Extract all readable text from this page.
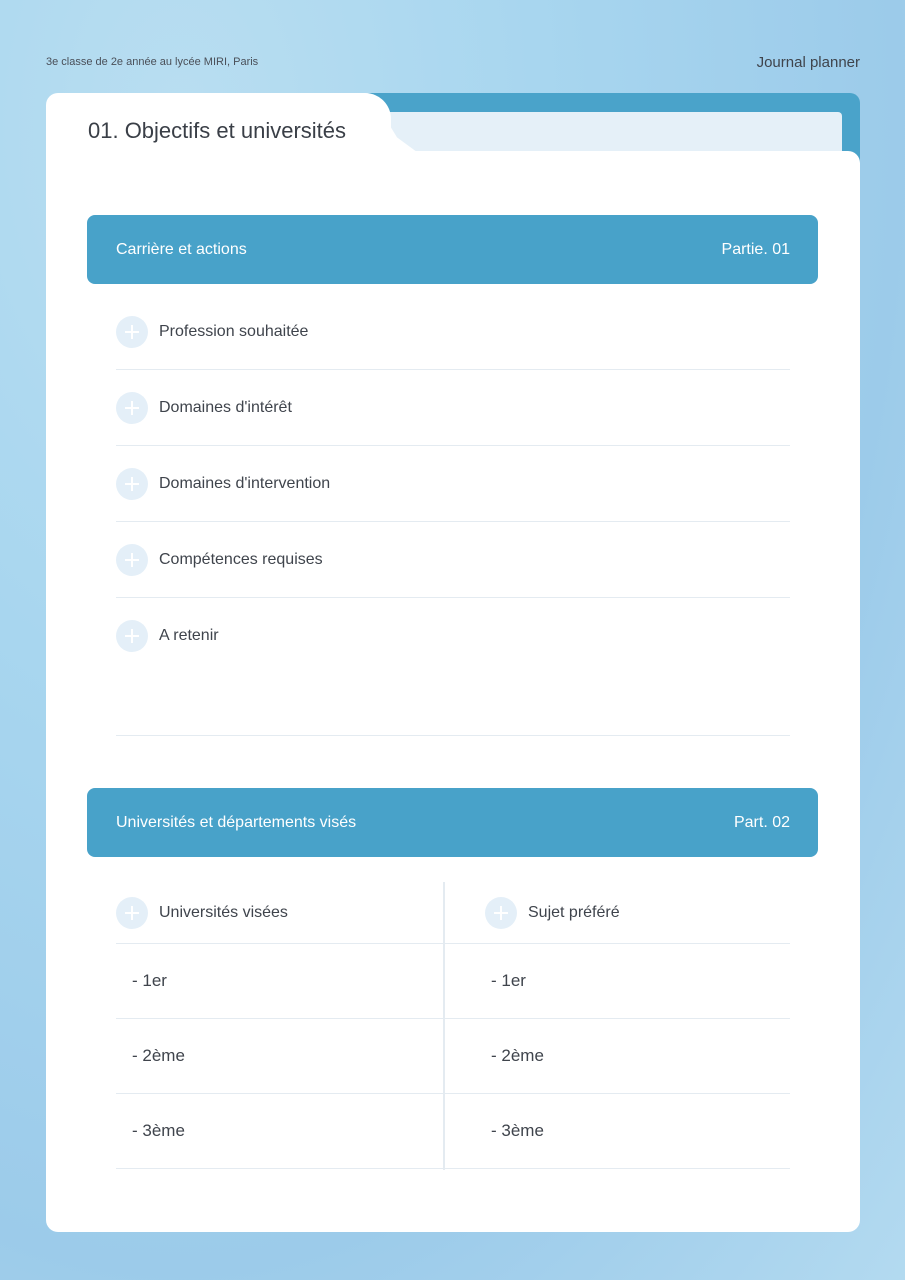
3e classe de 2e année au lycée MIRI, Paris	Journal planner
01. Objectifs et universités
Carrière et actions	Partie. 01
Profession souhaitée
Domaines d'intérêt
Domaines d'intervention
Compétences requises
A retenir
Universités et départements visés	Part. 02
Universités visées	Sujet préféré
- 1er	- 1er
- 2ème	- 2ème
- 3ème	- 3ème
